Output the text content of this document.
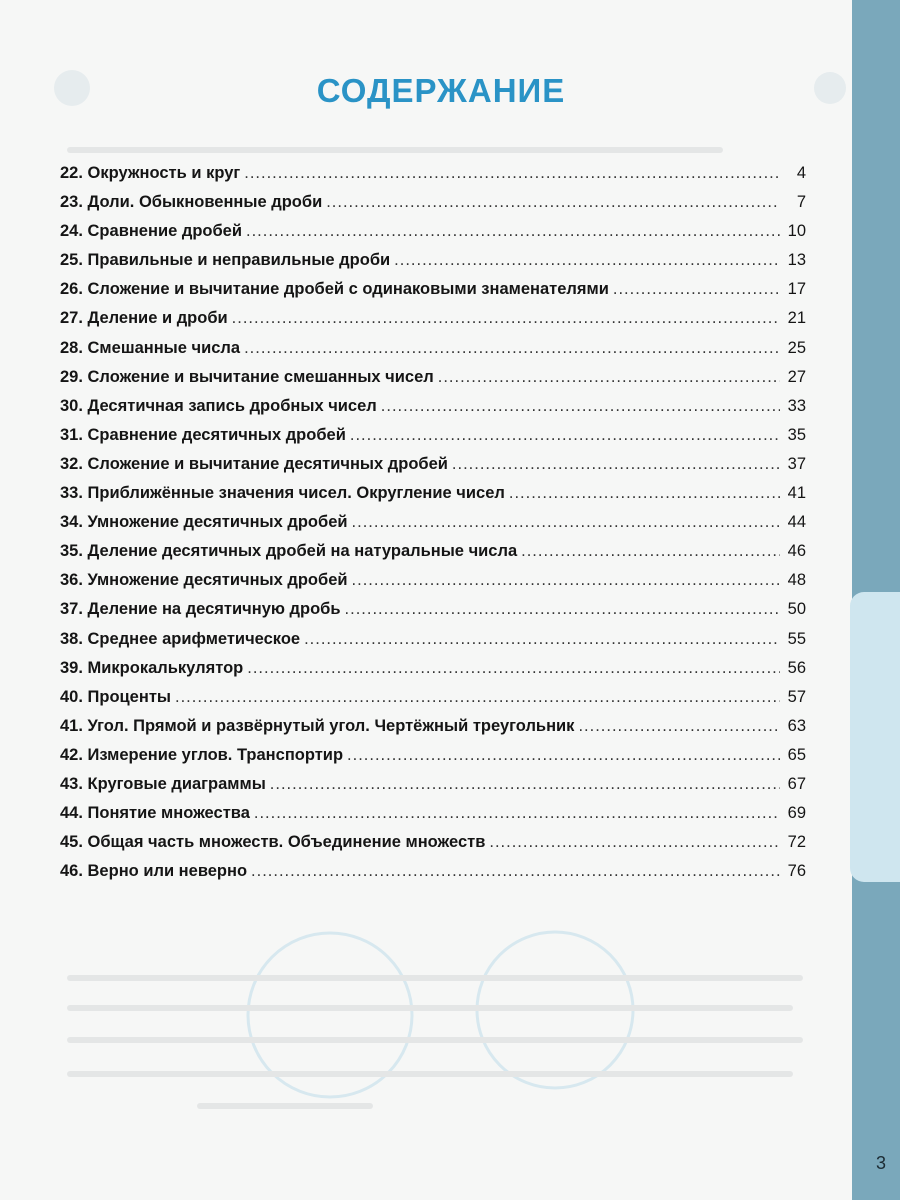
СОДЕРЖАНИЕ
22. Окружность и круг .....	4
23. Доли. Обыкновенные дроби .....	7
24. Сравнение дробей .....	10
25. Правильные и неправильные дроби .....	13
26. Сложение и вычитание дробей с одинаковыми знаменателями .....	17
27. Деление и дроби .....	21
28. Смешанные числа .....	25
29. Сложение и вычитание смешанных чисел .....	27
30. Десятичная запись дробных чисел .....	33
31. Сравнение десятичных дробей .....	35
32. Сложение и вычитание десятичных дробей .....	37
33. Приближённые значения чисел. Округление чисел .....	41
34. Умножение десятичных дробей .....	44
35. Деление десятичных дробей на натуральные числа .....	46
36. Умножение десятичных дробей .....	48
37. Деление на десятичную дробь .....	50
38. Среднее арифметическое .....	55
39. Микрокалькулятор .....	56
40. Проценты .....	57
41. Угол. Прямой и развёрнутый угол. Чертёжный треугольник .....	63
42. Измерение углов. Транспортир .....	65
43. Круговые диаграммы .....	67
44. Понятие множества .....	69
45. Общая часть множеств. Объединение множеств .....	72
46. Верно или неверно .....	76
3
